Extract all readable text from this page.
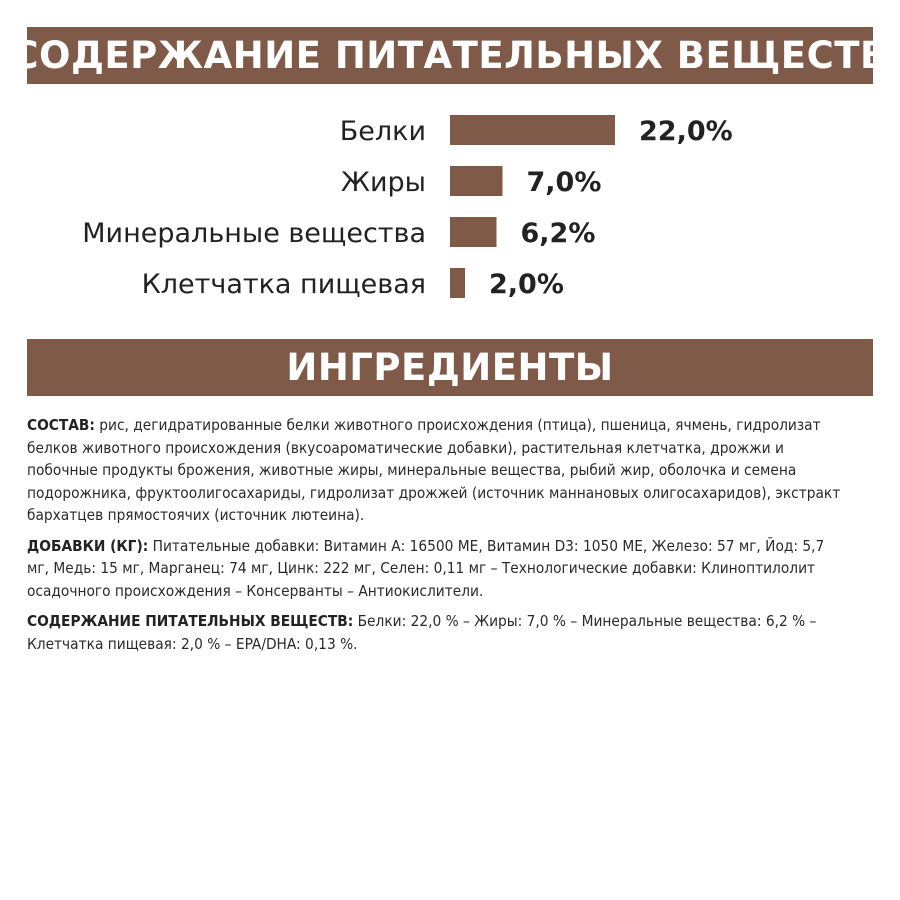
СОДЕРЖАНИЕ ПИТАТЕЛЬНЫХ ВЕЩЕСТВ
Белки	22,0%
Жиры	7,0%
Минеральные вещества	6,2%
Клетчатка пищевая 2,0%
ИНГРЕДИЕНТЫ

СОСТАВ: рис, дегидратированные белки животного происхождения (птица), пшеница, ячмень, гидролизат белков животного происхождения (вкусоароматические добавки), растительная клетчатка, дрожжи и побочные продукты брожения, животные жиры, минеральные вещества, рыбий жир, оболочка и семена подорожника, фруктоолигосахариды, гидролизат дрожжей (источник маннановых олигосахаридов), экстракт бархатцев прямостоячих (источник лютеина).

ДОБАВКИ (КГ): Питательные добавки: Витамин А: 16500 МЕ, Витамин D3: 1050 МЕ, Железо: 57 мг, Йод: 5,7 мг, Медь: 15 мг, Марганец: 74 мг, Цинк: 222 мг, Селен: 0,11 мг – Технологические добавки: Клиноптилолит осадочного происхождения – Консерванты – Антиокислители.

СОДЕРЖАНИЕ ПИТАТЕЛЬНЫХ ВЕЩЕСТВ: Белки: 22,0 % – Жиры: 7,0 % – Минеральные вещества: 6,2 % – Клетчатка пищевая: 2,0 % – EPA/DHA: 0,13 %.
